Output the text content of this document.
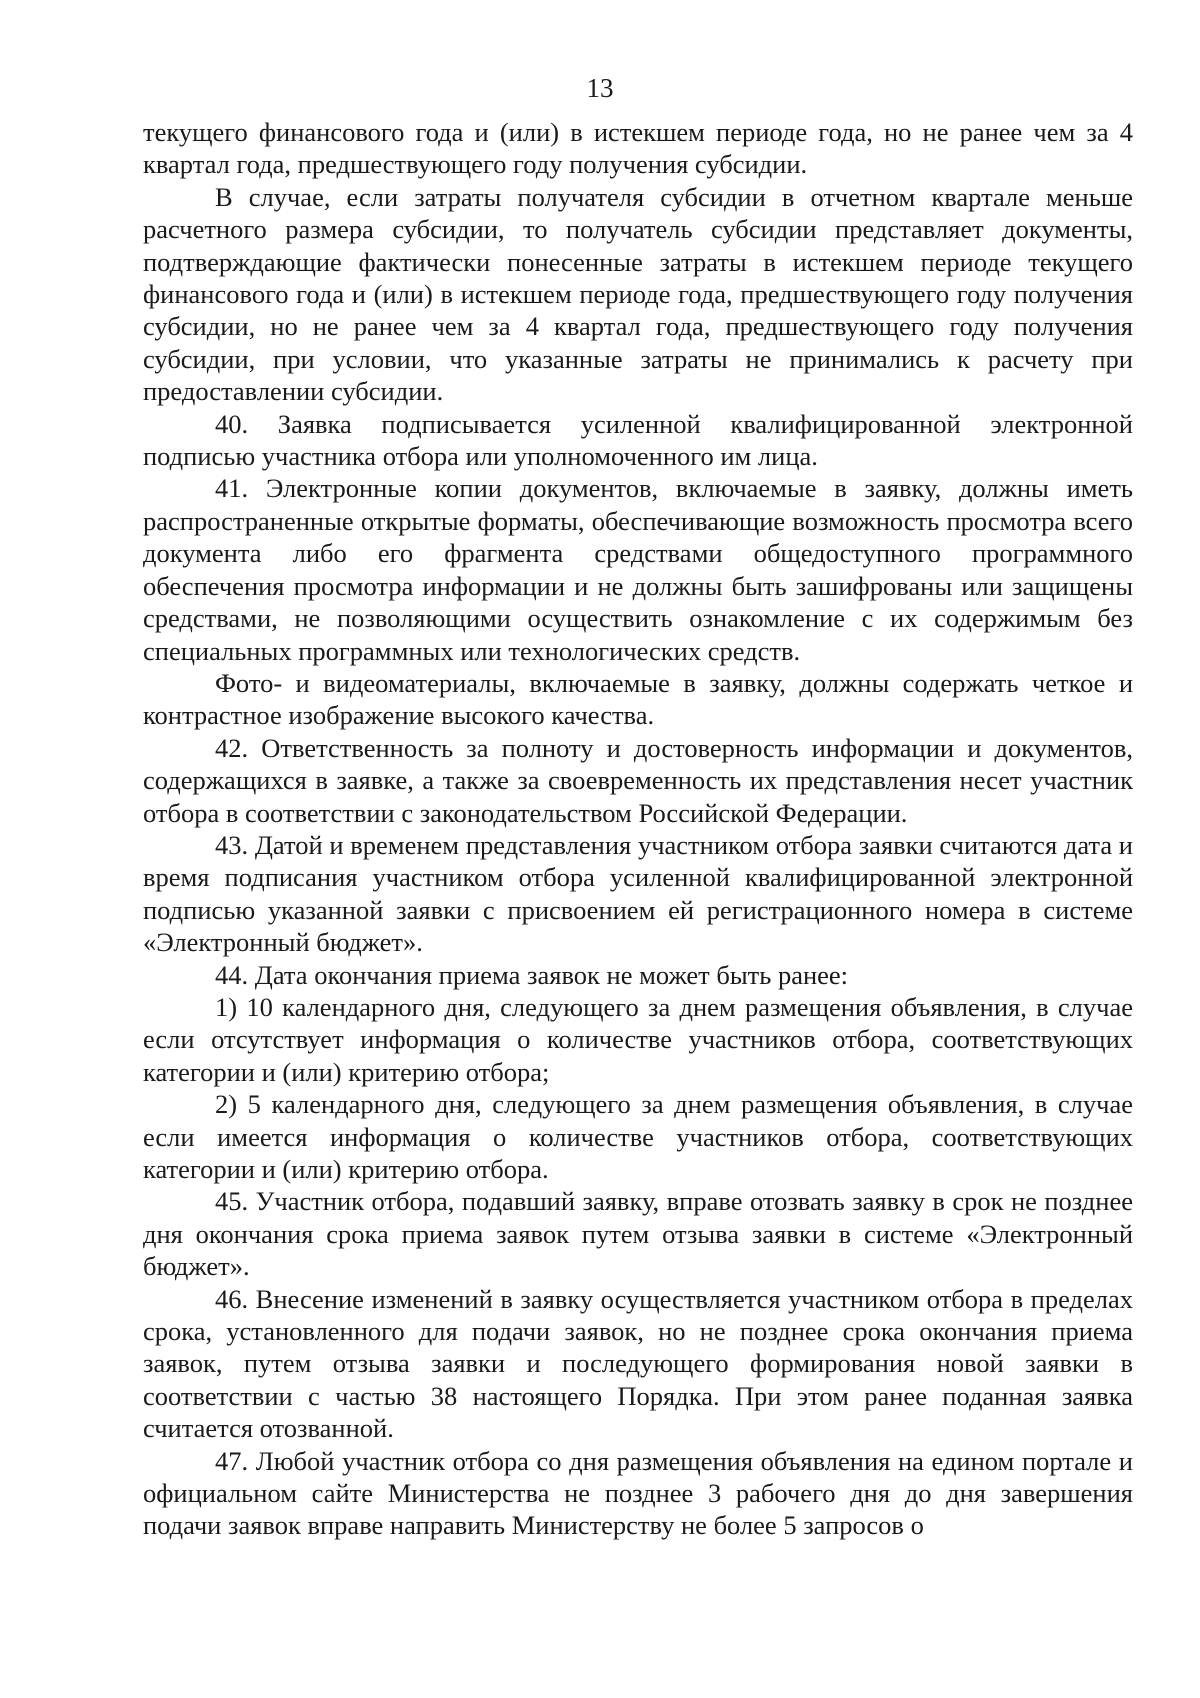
13

текущего финансового года и (или) в истекшем периоде года, но не ранее чем за 4 квартал года, предшествующего году получения субсидии.

В случае, если затраты получателя субсидии в отчетном квартале меньше расчетного размера субсидии, то получатель субсидии представляет документы, подтверждающие фактически понесенные затраты в истекшем периоде текущего финансового года и (или) в истекшем периоде года, предшествующего году получения субсидии, но не ранее чем за 4 квартал года, предшествующего году получения субсидии, при условии, что указанные затраты не принимались к расчету при предоставлении субсидии.

40. Заявка подписывается усиленной квалифицированной электронной подписью участника отбора или уполномоченного им лица.

41. Электронные копии документов, включаемые в заявку, должны иметь распространенные открытые форматы, обеспечивающие возможность просмотра всего документа либо его фрагмента средствами общедоступного программного обеспечения просмотра информации и не должны быть зашифрованы или защищены средствами, не позволяющими осуществить ознакомление с их содержимым без специальных программных или технологических средств.

Фото- и видеоматериалы, включаемые в заявку, должны содержать четкое и контрастное изображение высокого качества.

42. Ответственность за полноту и достоверность информации и документов, содержащихся в заявке, а также за своевременность их представления несет участник отбора в соответствии с законодательством Российской Федерации.

43. Датой и временем представления участником отбора заявки считаются дата и время подписания участником отбора усиленной квалифицированной электронной подписью указанной заявки с присвоением ей регистрационного номера в системе «Электронный бюджет».

44. Дата окончания приема заявок не может быть ранее:

1) 10 календарного дня, следующего за днем размещения объявления, в случае если отсутствует информация о количестве участников отбора, соответствующих категории и (или) критерию отбора;

2) 5 календарного дня, следующего за днем размещения объявления, в случае если имеется информация о количестве участников отбора, соответствующих категории и (или) критерию отбора.

45. Участник отбора, подавший заявку, вправе отозвать заявку в срок не позднее дня окончания срока приема заявок путем отзыва заявки в системе «Электронный бюджет».

46. Внесение изменений в заявку осуществляется участником отбора в пределах срока, установленного для подачи заявок, но не позднее срока окончания приема заявок, путем отзыва заявки и последующего формирования новой заявки в соответствии с частью 38 настоящего Порядка. При этом ранее поданная заявка считается отозванной.

47. Любой участник отбора со дня размещения объявления на едином портале и официальном сайте Министерства не позднее 3 рабочего дня до дня завершения подачи заявок вправе направить Министерству не более 5 запросов о
